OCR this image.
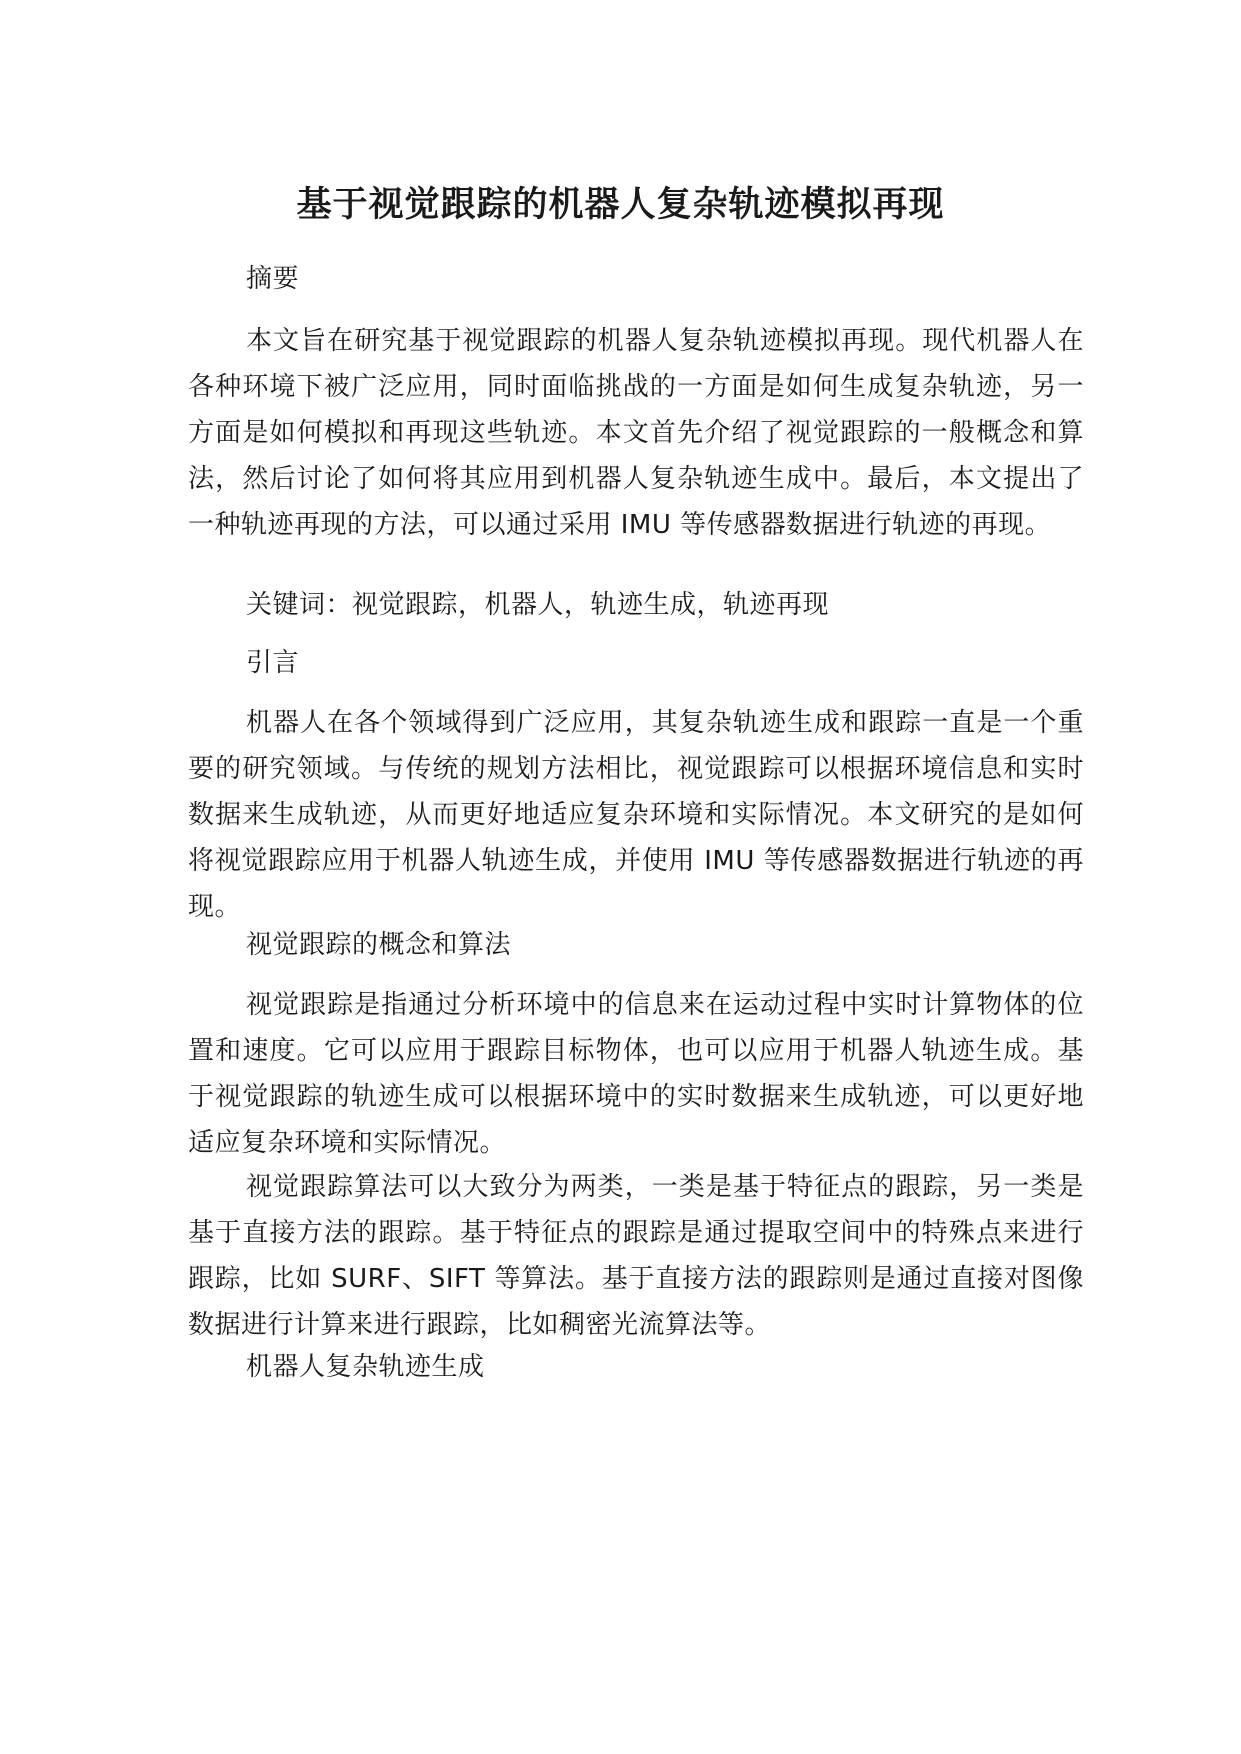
基于视觉跟踪的机器人复杂轨迹模拟再现

摘要

本文旨在研究基于视觉跟踪的机器人复杂轨迹模拟再现。现代机器人在各种环境下被广泛应用，同时面临挑战的一方面是如何生成复杂轨迹，另一方面是如何模拟和再现这些轨迹。本文首先介绍了视觉跟踪的一般概念和算法，然后讨论了如何将其应用到机器人复杂轨迹生成中。最后，本文提出了一种轨迹再现的方法，可以通过采用 IMU 等传感器数据进行轨迹的再现。

关键词：视觉跟踪，机器人，轨迹生成，轨迹再现

引言

机器人在各个领域得到广泛应用，其复杂轨迹生成和跟踪一直是一个重要的研究领域。与传统的规划方法相比，视觉跟踪可以根据环境信息和实时数据来生成轨迹，从而更好地适应复杂环境和实际情况。本文研究的是如何将视觉跟踪应用于机器人轨迹生成，并使用 IMU 等传感器数据进行轨迹的再现。

视觉跟踪的概念和算法

视觉跟踪是指通过分析环境中的信息来在运动过程中实时计算物体的位置和速度。它可以应用于跟踪目标物体，也可以应用于机器人轨迹生成。基于视觉跟踪的轨迹生成可以根据环境中的实时数据来生成轨迹，可以更好地适应复杂环境和实际情况。

视觉跟踪算法可以大致分为两类，一类是基于特征点的跟踪，另一类是基于直接方法的跟踪。基于特征点的跟踪是通过提取空间中的特殊点来进行跟踪，比如 SURF、SIFT 等算法。基于直接方法的跟踪则是通过直接对图像数据进行计算来进行跟踪，比如稠密光流算法等。

机器人复杂轨迹生成
